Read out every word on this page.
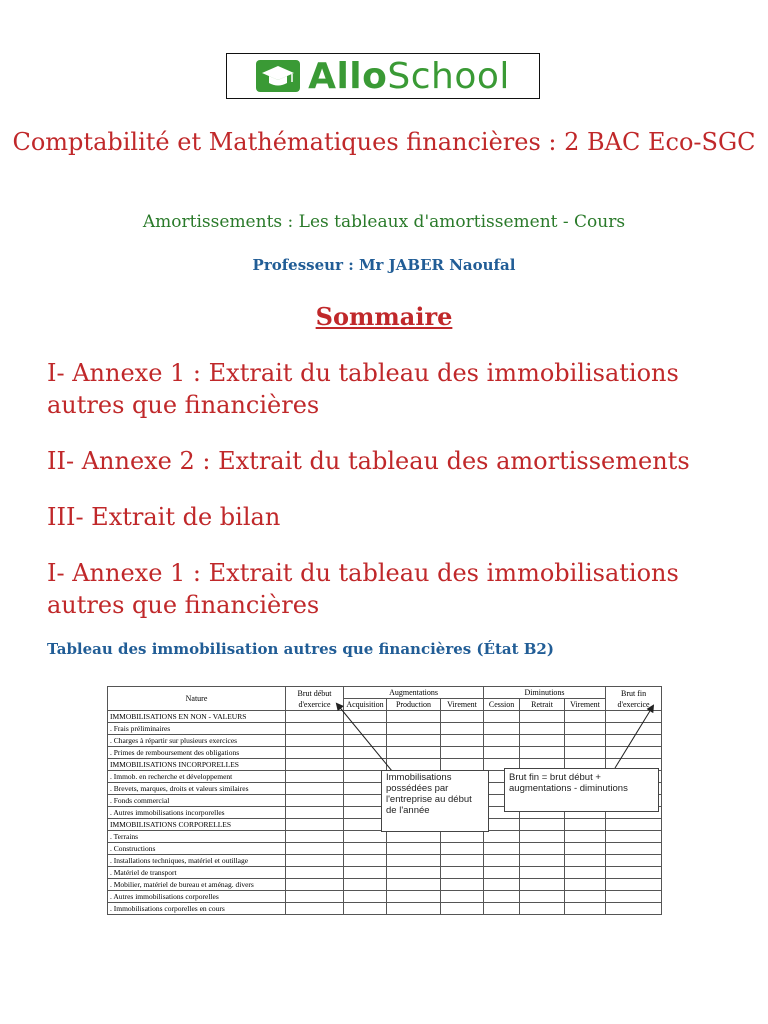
AlloSchool
Comptabilité et Mathématiques financières : 2 BAC Eco-SGC
Amortissements : Les tableaux d'amortissement - Cours
Professeur : Mr JABER Naoufal
Sommaire
I- Annexe 1 : Extrait du tableau des immobilisations autres que financières
II- Annexe 2 : Extrait du tableau des amortissements
III- Extrait de bilan
I- Annexe 1 : Extrait du tableau des immobilisations autres que financières
Tableau des immobilisation autres que financières (État B2)
Nature	Brut début d'exercice	Augmentations			Diminutions			Brut fin d'exercice
		Acquisition	Production	Virement	Cession	Retrait	Virement	
IMMOBILISATIONS EN NON - VALEURS								
. Frais préliminaires								
. Charges à répartir sur plusieurs exercices								
. Primes de remboursement des obligations								
IMMOBILISATIONS INCORPORELLES								
. Immob. en recherche et développement								
. Brevets, marques, droits et valeurs similaires								
. Fonds commercial								
. Autres immobilisations incorporelles								
IMMOBILISATIONS CORPORELLES								
. Terrains								
. Constructions								
. Installations techniques, matériel et outillage								
. Matériel de transport								
. Mobilier, matériel de bureau et aménag. divers								
. Autres immobilisations corporelles								
. Immobilisations corporelles en cours								
Immobilisations possédées par l'entreprise au début de l'année
Brut fin = brut début + augmentations - diminutions
